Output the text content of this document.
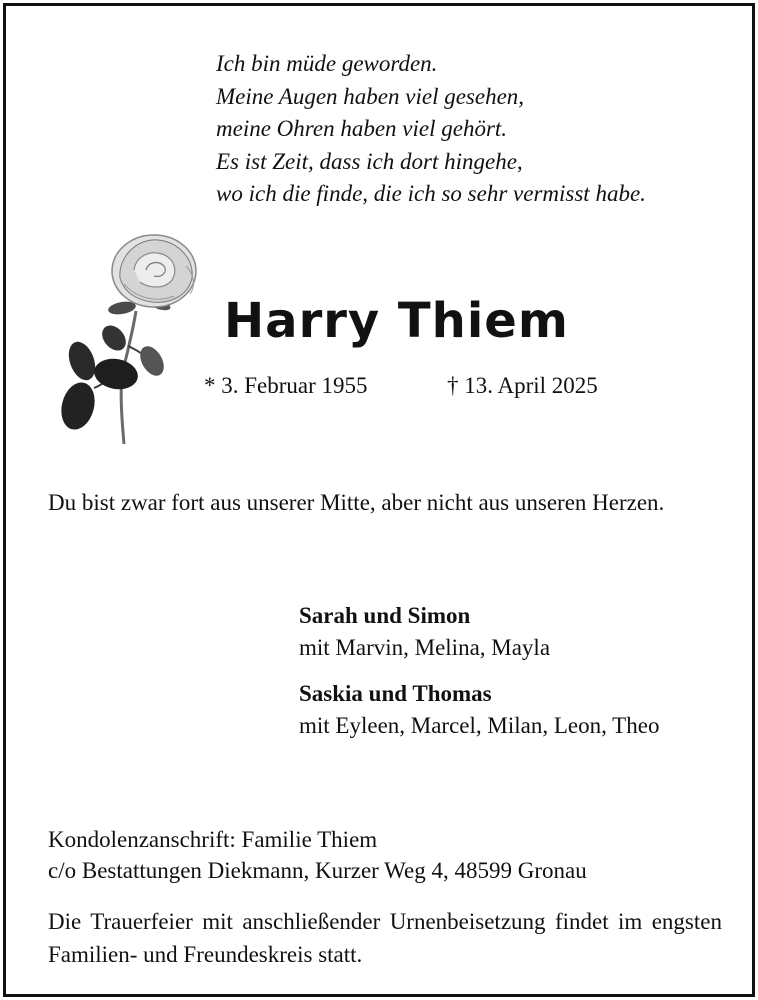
Ich bin müde geworden.
Meine Augen haben viel gesehen,
meine Ohren haben viel gehört.
Es ist Zeit, dass ich dort hingehe,
wo ich die finde, die ich so sehr vermisst habe.
Harry Thiem
* 3. Februar 1955	† 13. April 2025
Du bist zwar fort aus unserer Mitte, aber nicht aus unseren Herzen.
Sarah und Simon
mit Marvin, Melina, Mayla
Saskia und Thomas
mit Eyleen, Marcel, Milan, Leon, Theo
Kondolenzanschrift: Familie Thiem
c/o Bestattungen Diekmann, Kurzer Weg 4, 48599 Gronau
Die Trauerfeier mit anschließender Urnenbeisetzung findet im engsten Familien- und Freundeskreis statt.
